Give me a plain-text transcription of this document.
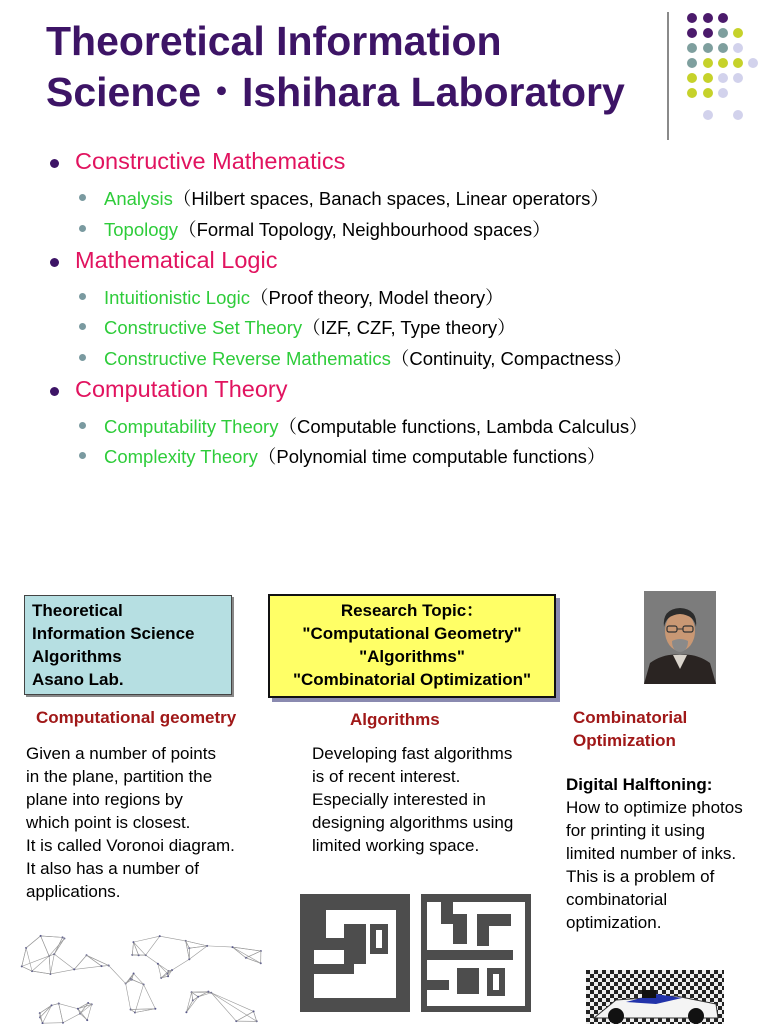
Theoretical Information
Science・Ishihara Laboratory
Constructive Mathematics
Analysis（Hilbert spaces, Banach spaces, Linear operators）
Topology（Formal Topology, Neighbourhood spaces）
Mathematical Logic
Intuitionistic Logic（Proof theory, Model theory）
Constructive Set Theory（IZF, CZF, Type theory）
Constructive Reverse Mathematics（Continuity, Compactness）
Computation Theory
Computability Theory（Computable functions, Lambda Calculus）
Complexity Theory（Polynomial time computable functions）
Theoretical
Information Science
Algorithms
Asano Lab.
Research Topic：
"Computational Geometry"
"Algorithms"
"Combinatorial Optimization"
Computational geometry	Algorithms	Combinatorial
Optimization
Given a number of points
in the plane, partition the
plane into regions by
which point is closest.
It is called Voronoi diagram.
It also has a number of
applications.
Developing fast algorithms
is of recent interest.
Especially interested in
designing algorithms using
limited working space.
Digital Halftoning:
How to optimize photos
for printing it using
limited number of inks.
This is a problem of
combinatorial
optimization.
